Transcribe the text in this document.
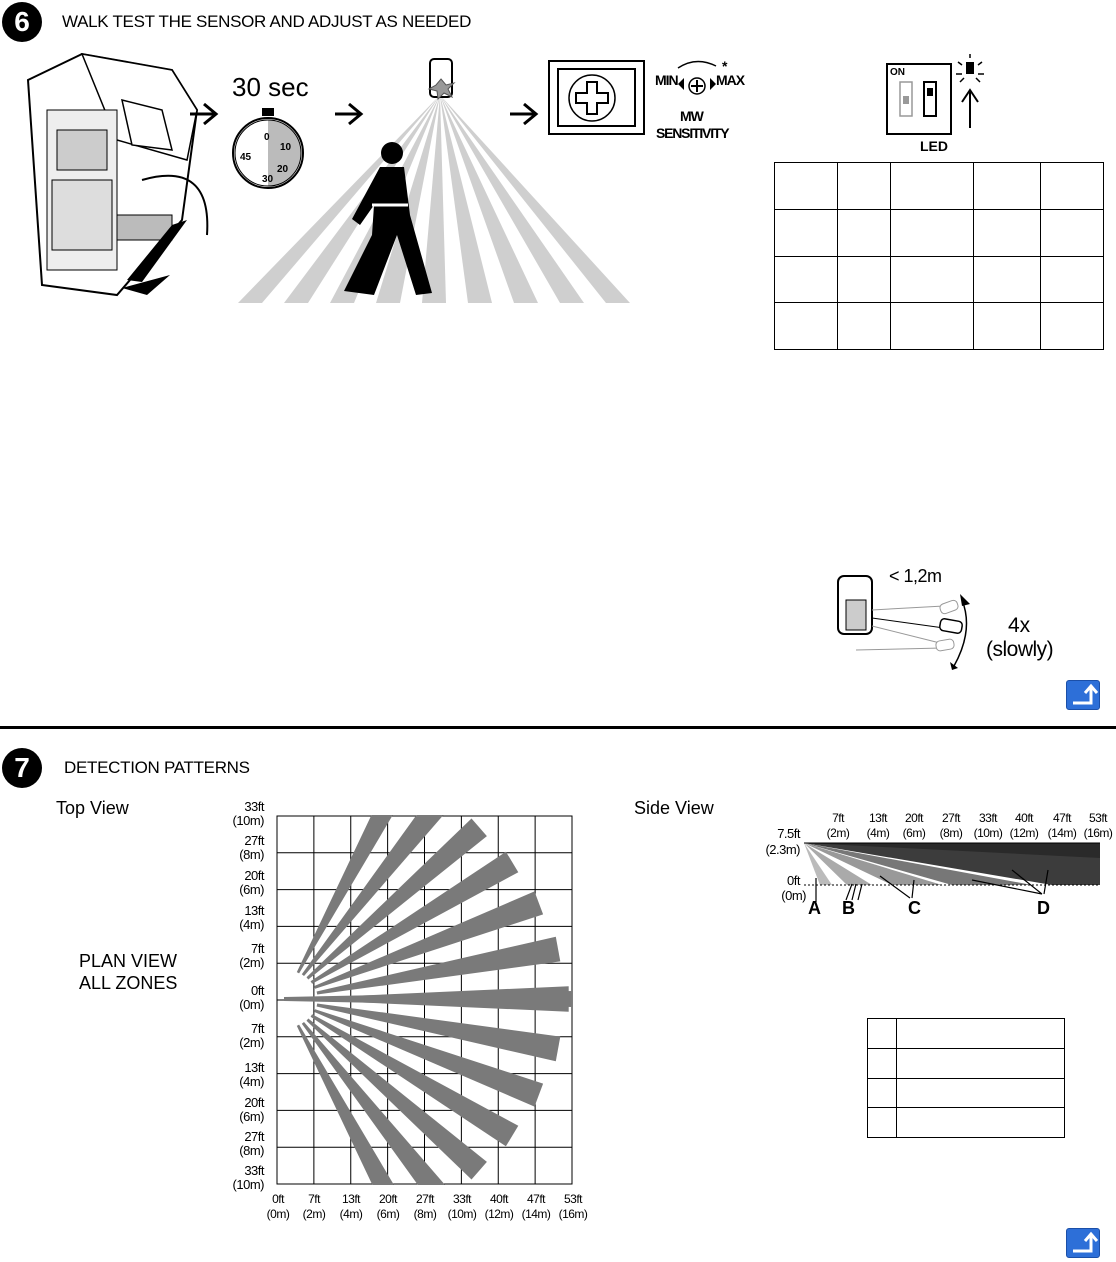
6	WALK TEST THE SENSOR AND ADJUST AS NEEDED
30 sec
0
10
20
30
45
MIN	MAX
*
MW
SENSITIVITY
ON
LED

< 1,2m
4x
(slowly)
7	DETECTION PATTERNS
Top View	Side View
PLAN VIEW
ALL ZONES
33ft
(10m)
27ft
(8m)
20ft
(6m)
13ft
(4m)
7ft
(2m)
0ft
(0m)
7ft
(2m)
13ft
(4m)
20ft
(6m)
27ft
(8m)
33ft
(10m)
0ft
(0m)
7ft
(2m)
13ft
(4m)
20ft
(6m)
27ft
(8m)
33ft
(10m)
40ft
(12m)
47ft
(14m)
53ft
(16m)
7.5ft
(2.3m)
0ft
(0m)
7ft
(2m)
13ft
(4m)
20ft
(6m)
27ft
(8m)
33ft
(10m)
40ft
(12m)
47ft
(14m)
53ft
(16m)
A B	C	D
